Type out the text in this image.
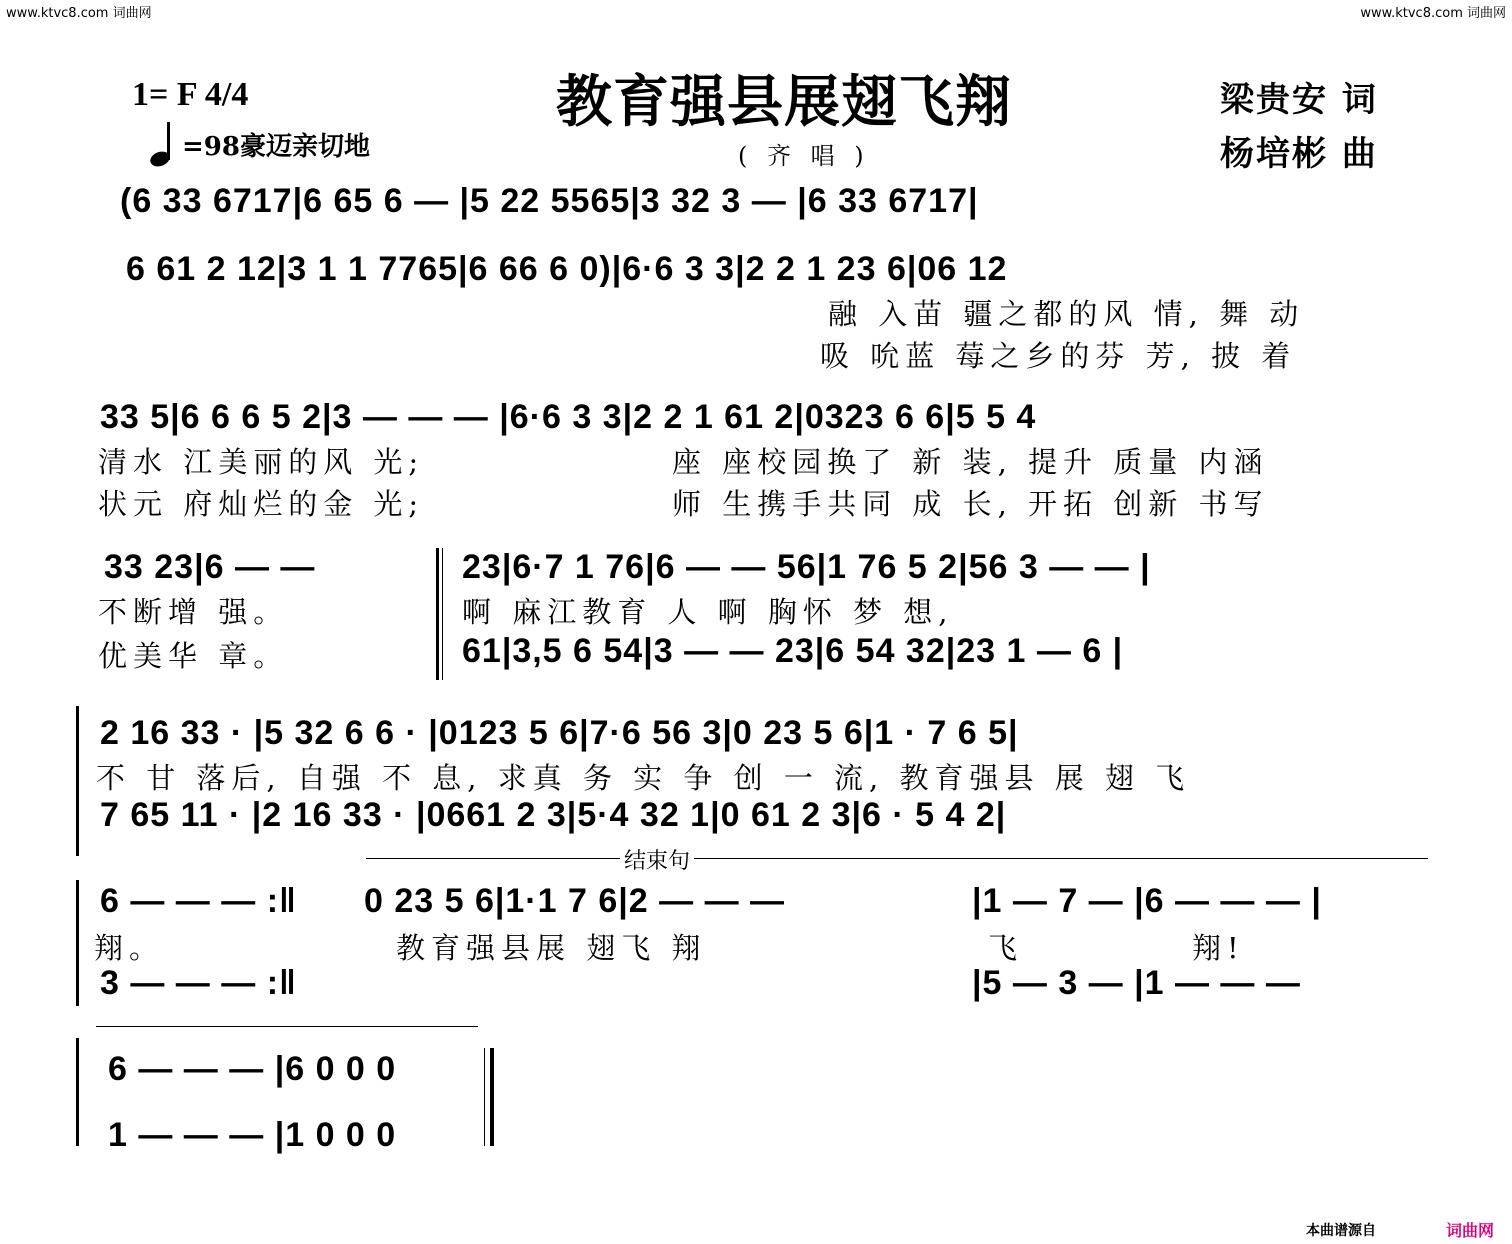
www.ktvc8.com 词曲网	www.ktvc8.com 词曲网
1= F 4/4
=98豪迈亲切地
教育强县展翅飞翔
( 齐 唱 )
梁贵安 词
杨培彬 曲
(6 33 6717|6 65 6 — |5 22 5565|3 32 3 — |6 33 6717|
6 61 2 12|3 1 1 7765|6 66 6 0)|6·6 3 3|2 2 1 23 6|06 12
融 入苗 疆之都的风 情, 舞 动
吸 吮蓝 莓之乡的芬 芳, 披 着
33 5|6 6 6 5 2|3 — — — |6·6 3 3|2 2 1 61 2|0323 6 6|5 5 4
清水 江美丽的风 光;	座 座校园换了 新 装, 提升 质量 内涵
状元 府灿烂的金 光;	师 生携手共同 成 长, 开拓 创新 书写
33 23|6 — —
不断增 强。
优美华 章。
23|6·7 1 76|6 — — 56|1 76 5 2|56 3 — — |
啊 麻江教育 人 啊 胸怀 梦 想,
61|3,5 6 54|3 — — 23|6 54 32|23 1 — 6 |
2 16 33 · |5 32 6 6 · |0123 5 6|7·6 56 3|0 23 5 6|1 · 7 6 5|
不 甘 落后, 自强 不 息, 求真 务 实 争 创 一 流, 教育强县 展 翅 飞
7 65 11 · |2 16 33 · |0661 2 3|5·4 32 1|0 61 2 3|6 · 5 4 2|
结束句
6 — — — :‖ 0 23 5 6|1·1 7 6|2 — — —	|1 — 7 — |6 — — — |
翔。	教育强县展 翅飞 翔	飞	翔!
3 — — — :‖	|5 — 3 — |1 — — —
6 — — — |6 0 0 0
1 — — — |1 0 0 0
本曲谱源自	词曲网
